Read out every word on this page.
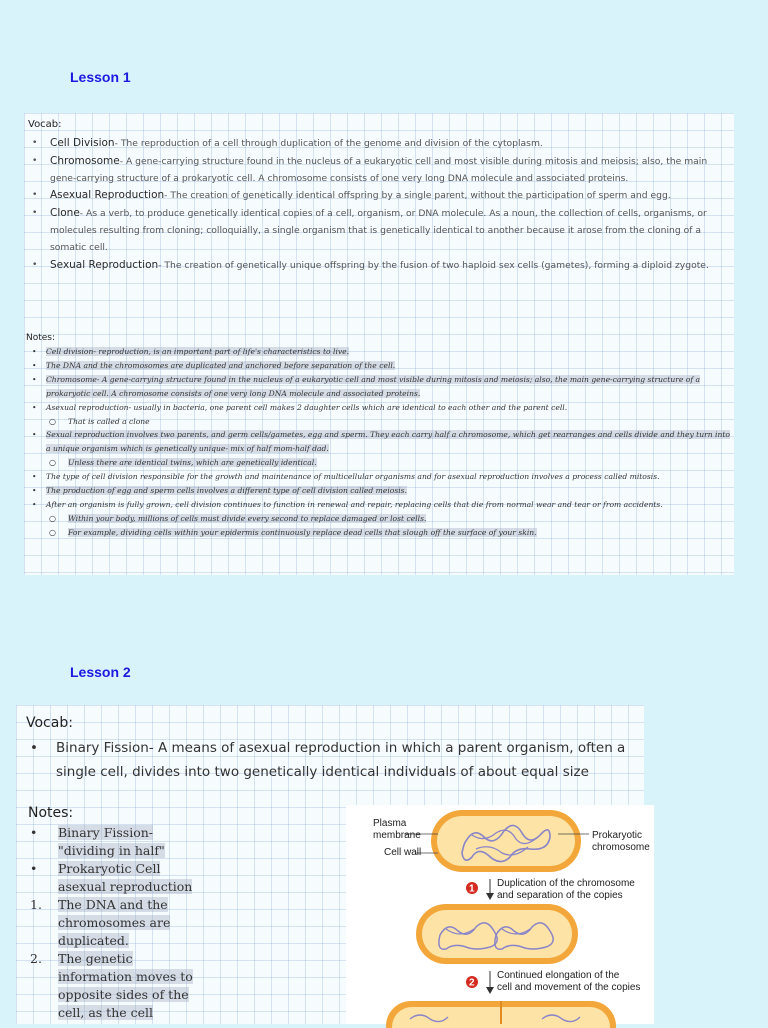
Lesson 1
Vocab:
• Cell Division- The reproduction of a cell through duplication of the genome and division of the cytoplasm.
• Chromosome- A gene-carrying structure found in the nucleus of a eukaryotic cell and most visible during mitosis and meiosis; also, the main gene-carrying structure of a prokaryotic cell. A chromosome consists of one very long DNA molecule and associated proteins.
• Asexual Reproduction- The creation of genetically identical offspring by a single parent, without the participation of sperm and egg.
• Clone- As a verb, to produce genetically identical copies of a cell, organism, or DNA molecule. As a noun, the collection of cells, organisms, or molecules resulting from cloning; colloquially, a single organism that is genetically identical to another because it arose from the cloning of a somatic cell.
• Sexual Reproduction- The creation of genetically unique offspring by the fusion of two haploid sex cells (gametes), forming a diploid zygote.
Notes:
• Cell division- reproduction, is an important part of life's characteristics to live.
• The DNA and the chromosomes are duplicated and anchored before separation of the cell.
• Chromosome- A gene-carrying structure found in the nucleus of a eukaryotic cell and most visible during mitosis and meiosis; also, the main gene-carrying structure of a prokaryotic cell. A chromosome consists of one very long DNA molecule and associated proteins.
• Asexual reproduction- usually in bacteria, one parent cell makes 2 daughter cells which are identical to each other and the parent cell.
○ That is called a clone
• Sexual reproduction involves two parents, and germ cells/gametes, egg and sperm. They each carry half a chromosome, which get rearranges and cells divide and they turn into a unique organism which is genetically unique- mix of half mom-half dad.
○ Unless there are identical twins, which are genetically identical.
• The type of cell division responsible for the growth and maintenance of multicellular organisms and for asexual reproduction involves a process called mitosis.
• The production of egg and sperm cells involves a different type of cell division called meiosis.
• After an organism is fully grown, cell division continues to function in renewal and repair, replacing cells that die from normal wear and tear or from accidents.
○ Within your body, millions of cells must divide every second to replace damaged or lost cells.
○ For example, dividing cells within your epidermis continuously replace dead cells that slough off the surface of your skin.
Lesson 2
Vocab:
• Binary Fission- A means of asexual reproduction in which a parent organism, often a single cell, divides into two genetically identical individuals of about equal size
Notes:
• Binary Fission- "dividing in half"
• Prokaryotic Cell asexual reproduction
1. The DNA and the chromosomes are duplicated.
2. The genetic information moves to opposite sides of the cell, as the cell
Plasma
membrane
Cell wall
Prokaryotic
chromosome
1 Duplication of the chromosome
and separation of the copies
2
Continued elongation of the
cell and movement of the copies
